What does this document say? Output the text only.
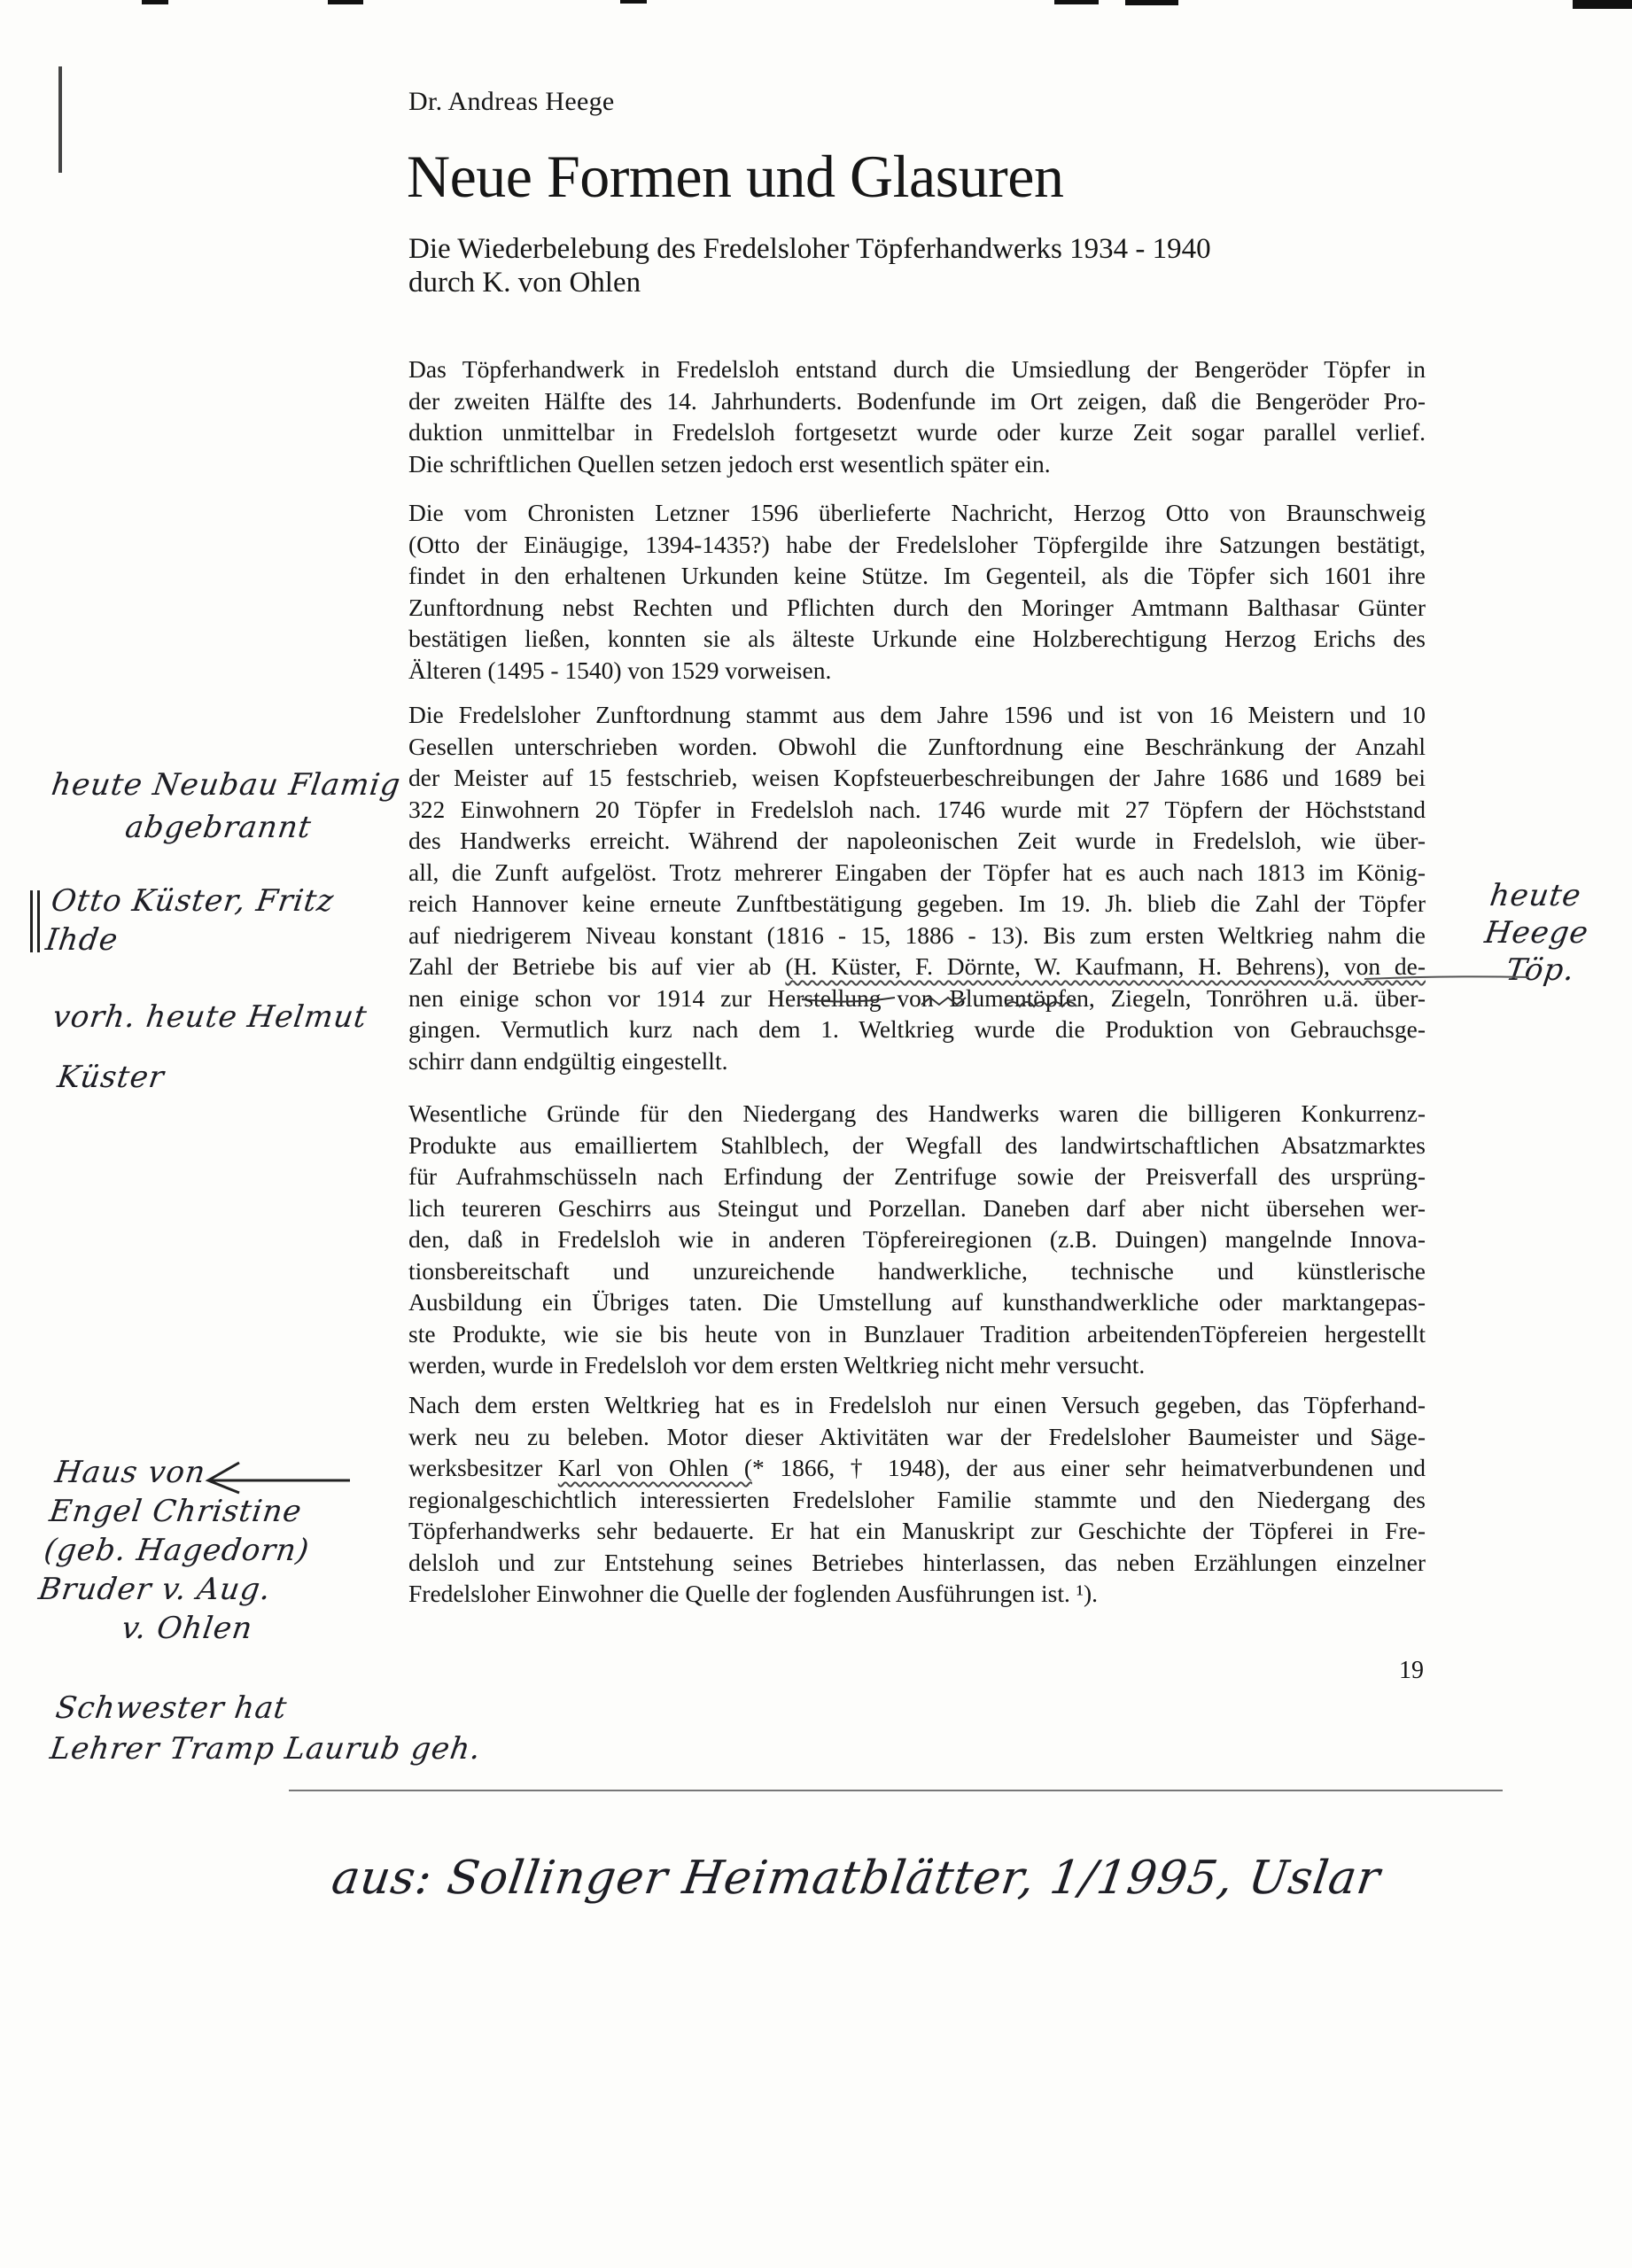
Dr. Andreas Heege
Neue Formen und Glasuren
Die Wiederbelebung des Fredelsloher Töpferhandwerks 1934 - 1940
durch K. von Ohlen
Das Töpferhandwerk in Fredelsloh entstand durch die Umsiedlung der Bengeröder Töpfer in
der zweiten Hälfte des 14. Jahrhunderts. Bodenfunde im Ort zeigen, daß die Bengeröder Pro-
duktion unmittelbar in Fredelsloh fortgesetzt wurde oder kurze Zeit sogar parallel verlief.
Die schriftlichen Quellen setzen jedoch erst wesentlich später ein.
Die vom Chronisten Letzner 1596 überlieferte Nachricht, Herzog Otto von Braunschweig
(Otto der Einäugige, 1394-1435?) habe der Fredelsloher Töpfergilde ihre Satzungen bestätigt,
findet in den erhaltenen Urkunden keine Stütze. Im Gegenteil, als die Töpfer sich 1601 ihre
Zunftordnung nebst Rechten und Pflichten durch den Moringer Amtmann Balthasar Günter
bestätigen ließen, konnten sie als älteste Urkunde eine Holzberechtigung Herzog Erichs des
Älteren (1495 - 1540) von 1529 vorweisen.
Die Fredelsloher Zunftordnung stammt aus dem Jahre 1596 und ist von 16 Meistern und 10
Gesellen unterschrieben worden. Obwohl die Zunftordnung eine Beschränkung der Anzahl
der Meister auf 15 festschrieb, weisen Kopfsteuerbeschreibungen der Jahre 1686 und 1689 bei
322 Einwohnern 20 Töpfer in Fredelsloh nach. 1746 wurde mit 27 Töpfern der Höchststand
des Handwerks erreicht. Während der napoleonischen Zeit wurde in Fredelsloh, wie über-
all, die Zunft aufgelöst. Trotz mehrerer Eingaben der Töpfer hat es auch nach 1813 im König-
reich Hannover keine erneute Zunftbestätigung gegeben. Im 19. Jh. blieb die Zahl der Töpfer
auf niedrigerem Niveau konstant (1816 - 15, 1886 - 13). Bis zum ersten Weltkrieg nahm die
Zahl der Betriebe bis auf vier ab (H. Küster, F. Dörnte, W. Kaufmann, H. Behrens), von de-
nen einige schon vor 1914 zur Herstellung von Blumentöpfen, Ziegeln, Tonröhren u.ä. über-
gingen. Vermutlich kurz nach dem 1. Weltkrieg wurde die Produktion von Gebrauchsge-
schirr dann endgültig eingestellt.
Wesentliche Gründe für den Niedergang des Handwerks waren die billigeren Konkurrenz-
Produkte aus emailliertem Stahlblech, der Wegfall des landwirtschaftlichen Absatzmarktes
für Aufrahmschüsseln nach Erfindung der Zentrifuge sowie der Preisverfall des ursprüng-
lich teureren Geschirrs aus Steingut und Porzellan. Daneben darf aber nicht übersehen wer-
den, daß in Fredelsloh wie in anderen Töpfereiregionen (z.B. Duingen) mangelnde Innova-
tionsbereitschaft und unzureichende handwerkliche, technische und künstlerische
Ausbildung ein Übriges taten. Die Umstellung auf kunsthandwerkliche oder marktangepas-
ste Produkte, wie sie bis heute von in Bunzlauer Tradition arbeitendenTöpfereien hergestellt
werden, wurde in Fredelsloh vor dem ersten Weltkrieg nicht mehr versucht.
Nach dem ersten Weltkrieg hat es in Fredelsloh nur einen Versuch gegeben, das Töpferhand-
werk neu zu beleben. Motor dieser Aktivitäten war der Fredelsloher Baumeister und Säge-
werksbesitzer Karl von Ohlen (* 1866, † 1948), der aus einer sehr heimatverbundenen und
regionalgeschichtlich interessierten Fredelsloher Familie stammte und den Niedergang des
Töpferhandwerks sehr bedauerte. Er hat ein Manuskript zur Geschichte der Töpferei in Fre-
delsloh und zur Entstehung seines Betriebes hinterlassen, das neben Erzählungen einzelner
Fredelsloher Einwohner die Quelle der foglenden Ausführungen ist. ¹).
19
heute Neubau Flamig
abgebrannt
Otto Küster, Fritz
Ihde
vorh. heute Helmut
Küster
heute
Heege
Töp.
Haus von
Engel Christine
(geb. Hagedorn)
Bruder v. Aug.
v. Ohlen
Schwester hat
Lehrer Tramp Laurub geh.
aus: Sollinger Heimatblätter, 1/1995, Uslar
